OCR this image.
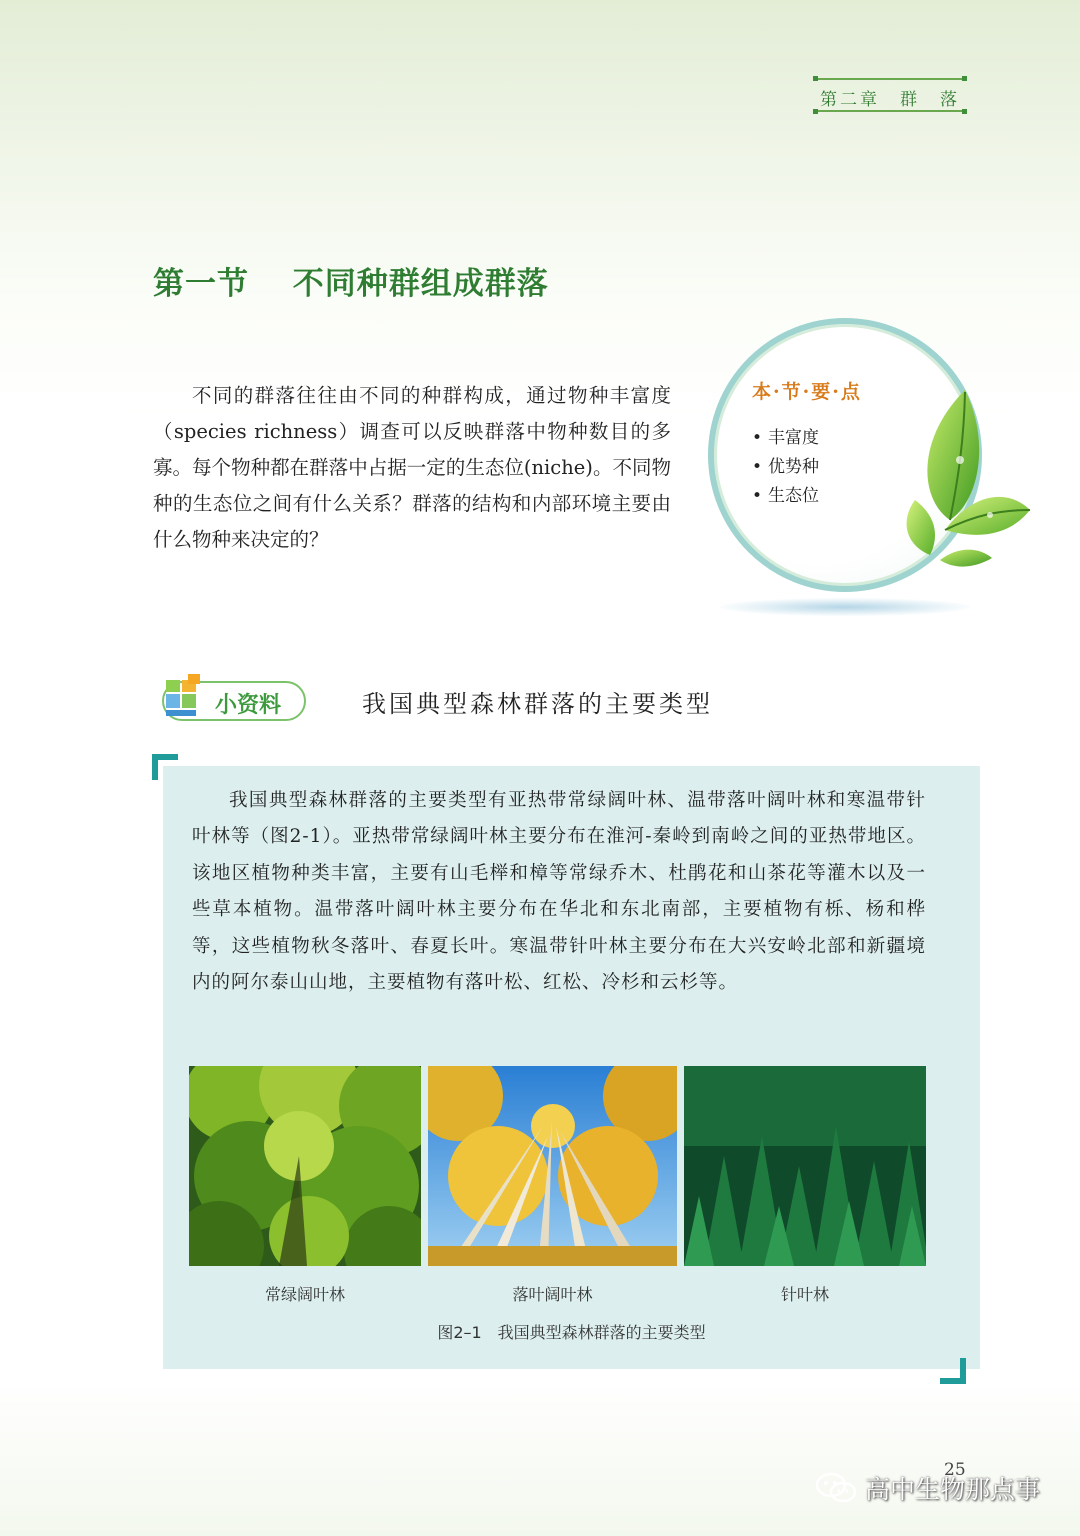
第二章　群　落
第一节　 不同种群组成群落
不同的群落往往由不同的种群构成，通过物种丰富度（species richness）调查可以反映群落中物种数目的多寡。每个物种都在群落中占据一定的生态位(niche)。不同物种的生态位之间有什么关系？群落的结构和内部环境主要由什么物种来决定的？
本·节·要·点
• 丰富度
• 优势种
• 生态位
小资料	我国典型森林群落的主要类型
我国典型森林群落的主要类型有亚热带常绿阔叶林、温带落叶阔叶林和寒温带针叶林等（图2-1）。亚热带常绿阔叶林主要分布在淮河-秦岭到南岭之间的亚热带地区。该地区植物种类丰富，主要有山毛榉和樟等常绿乔木、杜鹃花和山茶花等灌木以及一些草本植物。温带落叶阔叶林主要分布在华北和东北南部，主要植物有栎、杨和桦等，这些植物秋冬落叶、春夏长叶。寒温带针叶林主要分布在大兴安岭北部和新疆境内的阿尔泰山山地，主要植物有落叶松、红松、冷杉和云杉等。
常绿阔叶林	落叶阔叶林	针叶林
图2–1　我国典型森林群落的主要类型
25
高中生物那点事
